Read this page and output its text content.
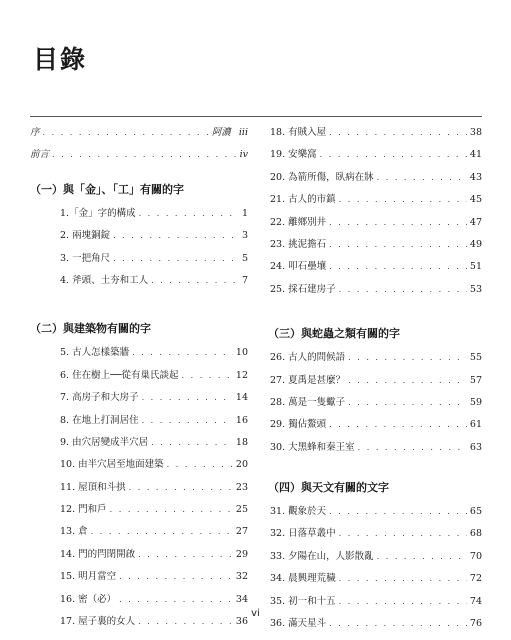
目錄
序 . . .	阿濃 iii
前言 . . .	iv
（一）與「金」、「工」有關的字
1.「金」字的構成 . . .	1
2. 兩塊銅錠 . . .	3
3. 一把角尺 . . .	5
4. 斧頭、土夯和工人 . . .	7
（二）與建築物有關的字
5. 古人怎樣築牆 . . .	10
6. 住在樹上──從有巢氏談起 . . .	12
7. 高房子和大房子 . . .	14
8. 在地上打洞居住 . . .	16
9. 由穴居變成半穴居 . . .	18
10. 由半穴居至地面建築 . . .	20
11. 屋頂和斗拱 . . .	23
12. 門和戶 . . .	25
13. 倉 . . .	27
14. 門的閂閉開啟 . . .	29
15. 明月當空 . . .	32
16. 密（必） . . .	34
17. 屋子裏的女人 . . .	36
18. 有賊入屋 . . .	38
19. 安樂窩 . . .	41
20. 為箭所傷，臥病在牀 . . .	43
21. 古人的市鎮 . . .	45
22. 離鄉別井 . . .	47
23. 挑泥擔石 . . .	49
24. 叩石壘壤 . . .	51
25. 採石建房子 . . .	53
（三）與蛇蟲之類有關的字
26. 古人的問候語 . . .	55
27. 夏禹是甚麼？ . . .	57
28. 萬是一隻蠍子 . . .	59
29. 獨佔鰲頭 . . .	61
30. 大黑蜂和秦王室 . . .	63
（四）與天文有關的文字
31. 觀象於天 . . .	65
32. 日落草叢中 . . .	68
33. 夕陽在山，人影散亂 . . .	70
34. 晨興理荒穢 . . .	72
35. 初一和十五 . . .	74
36. 滿天星斗 . . .	76
vi
